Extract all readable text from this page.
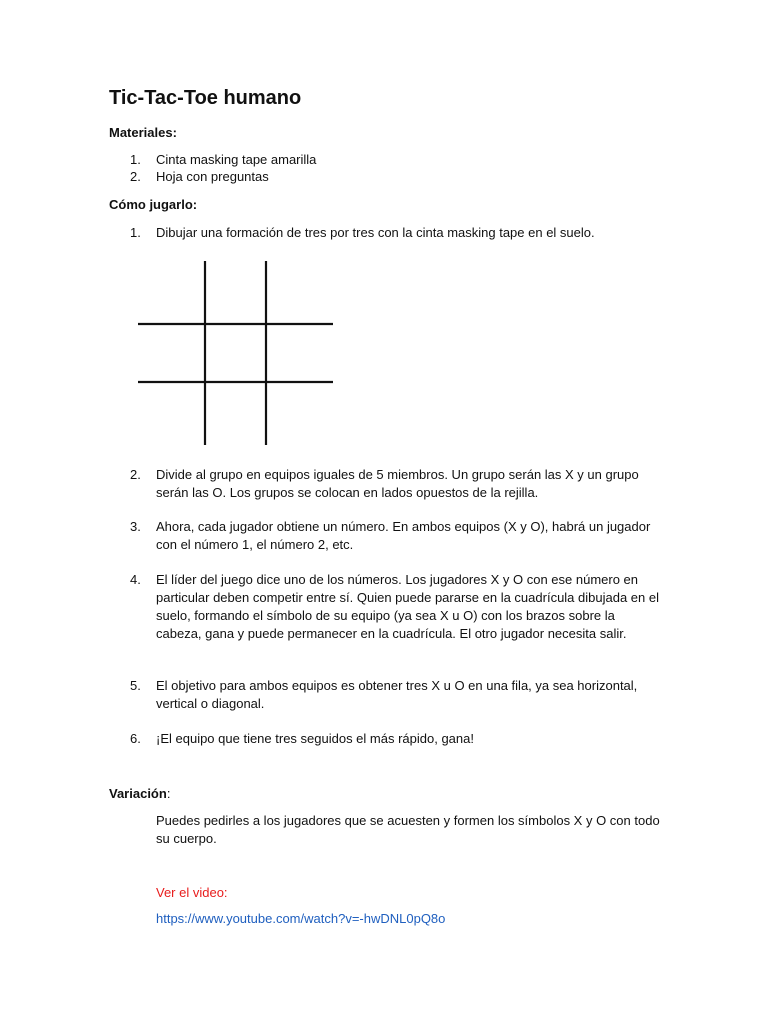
Tic-Tac-Toe humano
Materiales:
1.	Cinta masking tape amarilla
2.	Hoja con preguntas
Cómo jugarlo:
1.	Dibujar una formación de tres por tres con la cinta masking tape en el suelo.
2.	Divide al grupo en equipos iguales de 5 miembros. Un grupo serán las X y un grupo serán las O. Los grupos se colocan en lados opuestos de la rejilla.
3.	Ahora, cada jugador obtiene un número. En ambos equipos (X y O), habrá un jugador con el número 1, el número 2, etc.
4.	El líder del juego dice uno de los números. Los jugadores X y O con ese número en particular deben competir entre sí. Quien puede pararse en la cuadrícula dibujada en el suelo, formando el símbolo de su equipo (ya sea X u O) con los brazos sobre la cabeza, gana y puede permanecer en la cuadrícula. El otro jugador necesita salir.
5.	El objetivo para ambos equipos es obtener tres X u O en una fila, ya sea horizontal, vertical o diagonal.
6.	¡El equipo que tiene tres seguidos el más rápido, gana!
Variación:
Puedes pedirles a los jugadores que se acuesten y formen los símbolos X y O con todo su cuerpo.
Ver el video:
https://www.youtube.com/watch?v=-hwDNL0pQ8o
